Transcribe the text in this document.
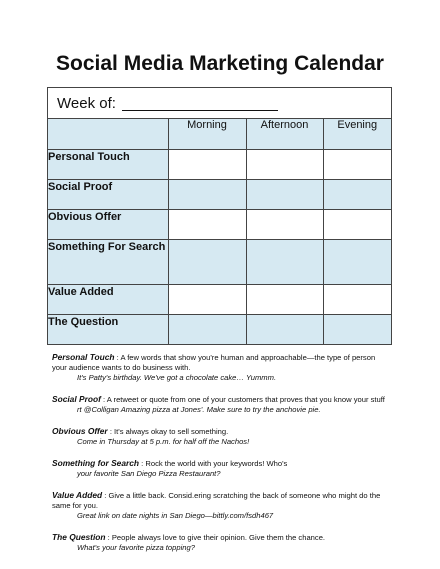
Social Media Marketing Calendar
Week of:
	Morning	Afternoon	Evening
Personal Touch			
Social Proof			
Obvious Offer			
Something For Search			
Value Added			
The Question			
Personal Touch : A few words that show you're human and approachable—the type of person your audience wants to do business with.
It's Patty's birthday. We've got a chocolate cake… Yummm.
Social Proof : A retweet or quote from one of your customers that proves that you know your stuff
rt @Colligan Amazing pizza at Jones'. Make sure to try the anchovie pie.
Obvious Offer : It's always okay to sell something.
Come in Thursday at 5 p.m. for half off the Nachos!
Something for Search : Rock the world with your keywords! Who's
your favorite San Diego Pizza Restaurant?
Value Added : Give a little back. Consid.ering scratching the back of someone who might do the same for you.
Great link on date nights in San Diego—bittly.com/fsdh467
The Question : People always love to give their opinion. Give them the chance.
What's your favorite pizza topping?
